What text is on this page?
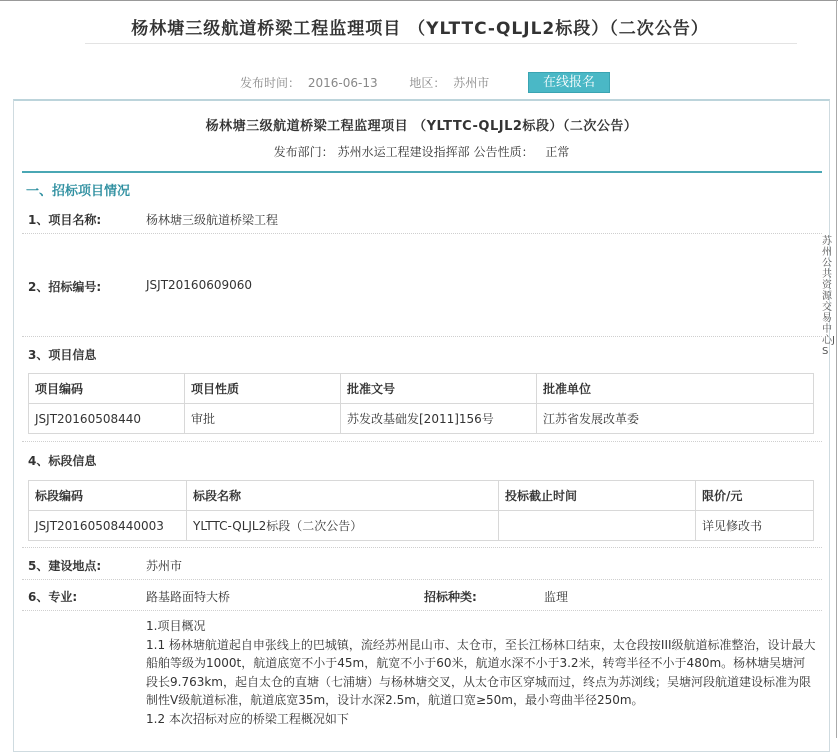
杨林塘三级航道桥梁工程监理项目 （YLTTC-QLJL2标段）（二次公告）
发布时间： 2016-06-13	地区： 苏州市	在线报名
杨林塘三级航道桥梁工程监理项目 （YLTTC-QLJL2标段）（二次公告）
发布部门： 苏州水运工程建设指挥部 公告性质： 正常
一、招标项目情况
1、项目名称:	杨林塘三级航道桥梁工程
2、招标编号:	JSJT20160609060
3、项目信息
项目编码	项目性质	批准文号	批准单位
JSJT20160508440	审批	苏发改基础发[2011]156号	江苏省发展改革委
4、标段信息
标段编码	标段名称	投标截止时间	限价/元
JSJT20160508440003	YLTTC-QLJL2标段（二次公告）		详见修改书
5、建设地点:	苏州市
6、专业:	路基路面特大桥	招标种类:	监理
1.项目概况
1.1 杨林塘航道起自申张线上的巴城镇，流经苏州昆山市、太仓市，至长江杨林口结束，太仓段按III级航道标准整治，设计最大船舶等级为1000t，航道底宽不小于45m，航宽不小于60米，航道水深不小于3.2米，转弯半径不小于480m。杨林塘吴塘河段长9.763km，起自太仓的直塘（七浦塘）与杨林塘交叉，从太仓市区穿城而过，终点为苏浏线；吴塘河段航道建设标准为限制性Ⅴ级航道标准，航道底宽35m，设计水深2.5m，航道口宽≥50m，最小弯曲半径250m。
1.2 本次招标对应的桥梁工程概况如下
苏州公共资源交易中心JS
